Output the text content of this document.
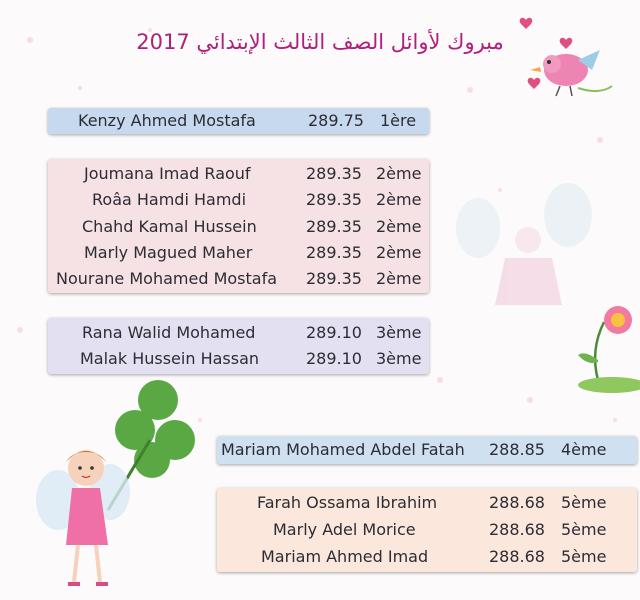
مبروك لأوائل الصف الثالث الإبتدائي 2017
Kenzy Ahmed Mostafa	289.75 1ère
Joumana Imad Raouf	289.35 2ème
Roâa Hamdi Hamdi	289.35 2ème
Chahd Kamal Hussein	289.35 2ème
Marly Magued Maher	289.35 2ème
Nourane Mohamed Mostafa 289.35 2ème
Rana Walid Mohamed	289.10 3ème
Malak Hussein Hassan	289.10 3ème
Mariam Mohamed Abdel Fatah 288.85 4ème
Farah Ossama Ibrahim	288.68 5ème
Marly Adel Morice	288.68 5ème
Mariam Ahmed Imad	288.68 5ème
